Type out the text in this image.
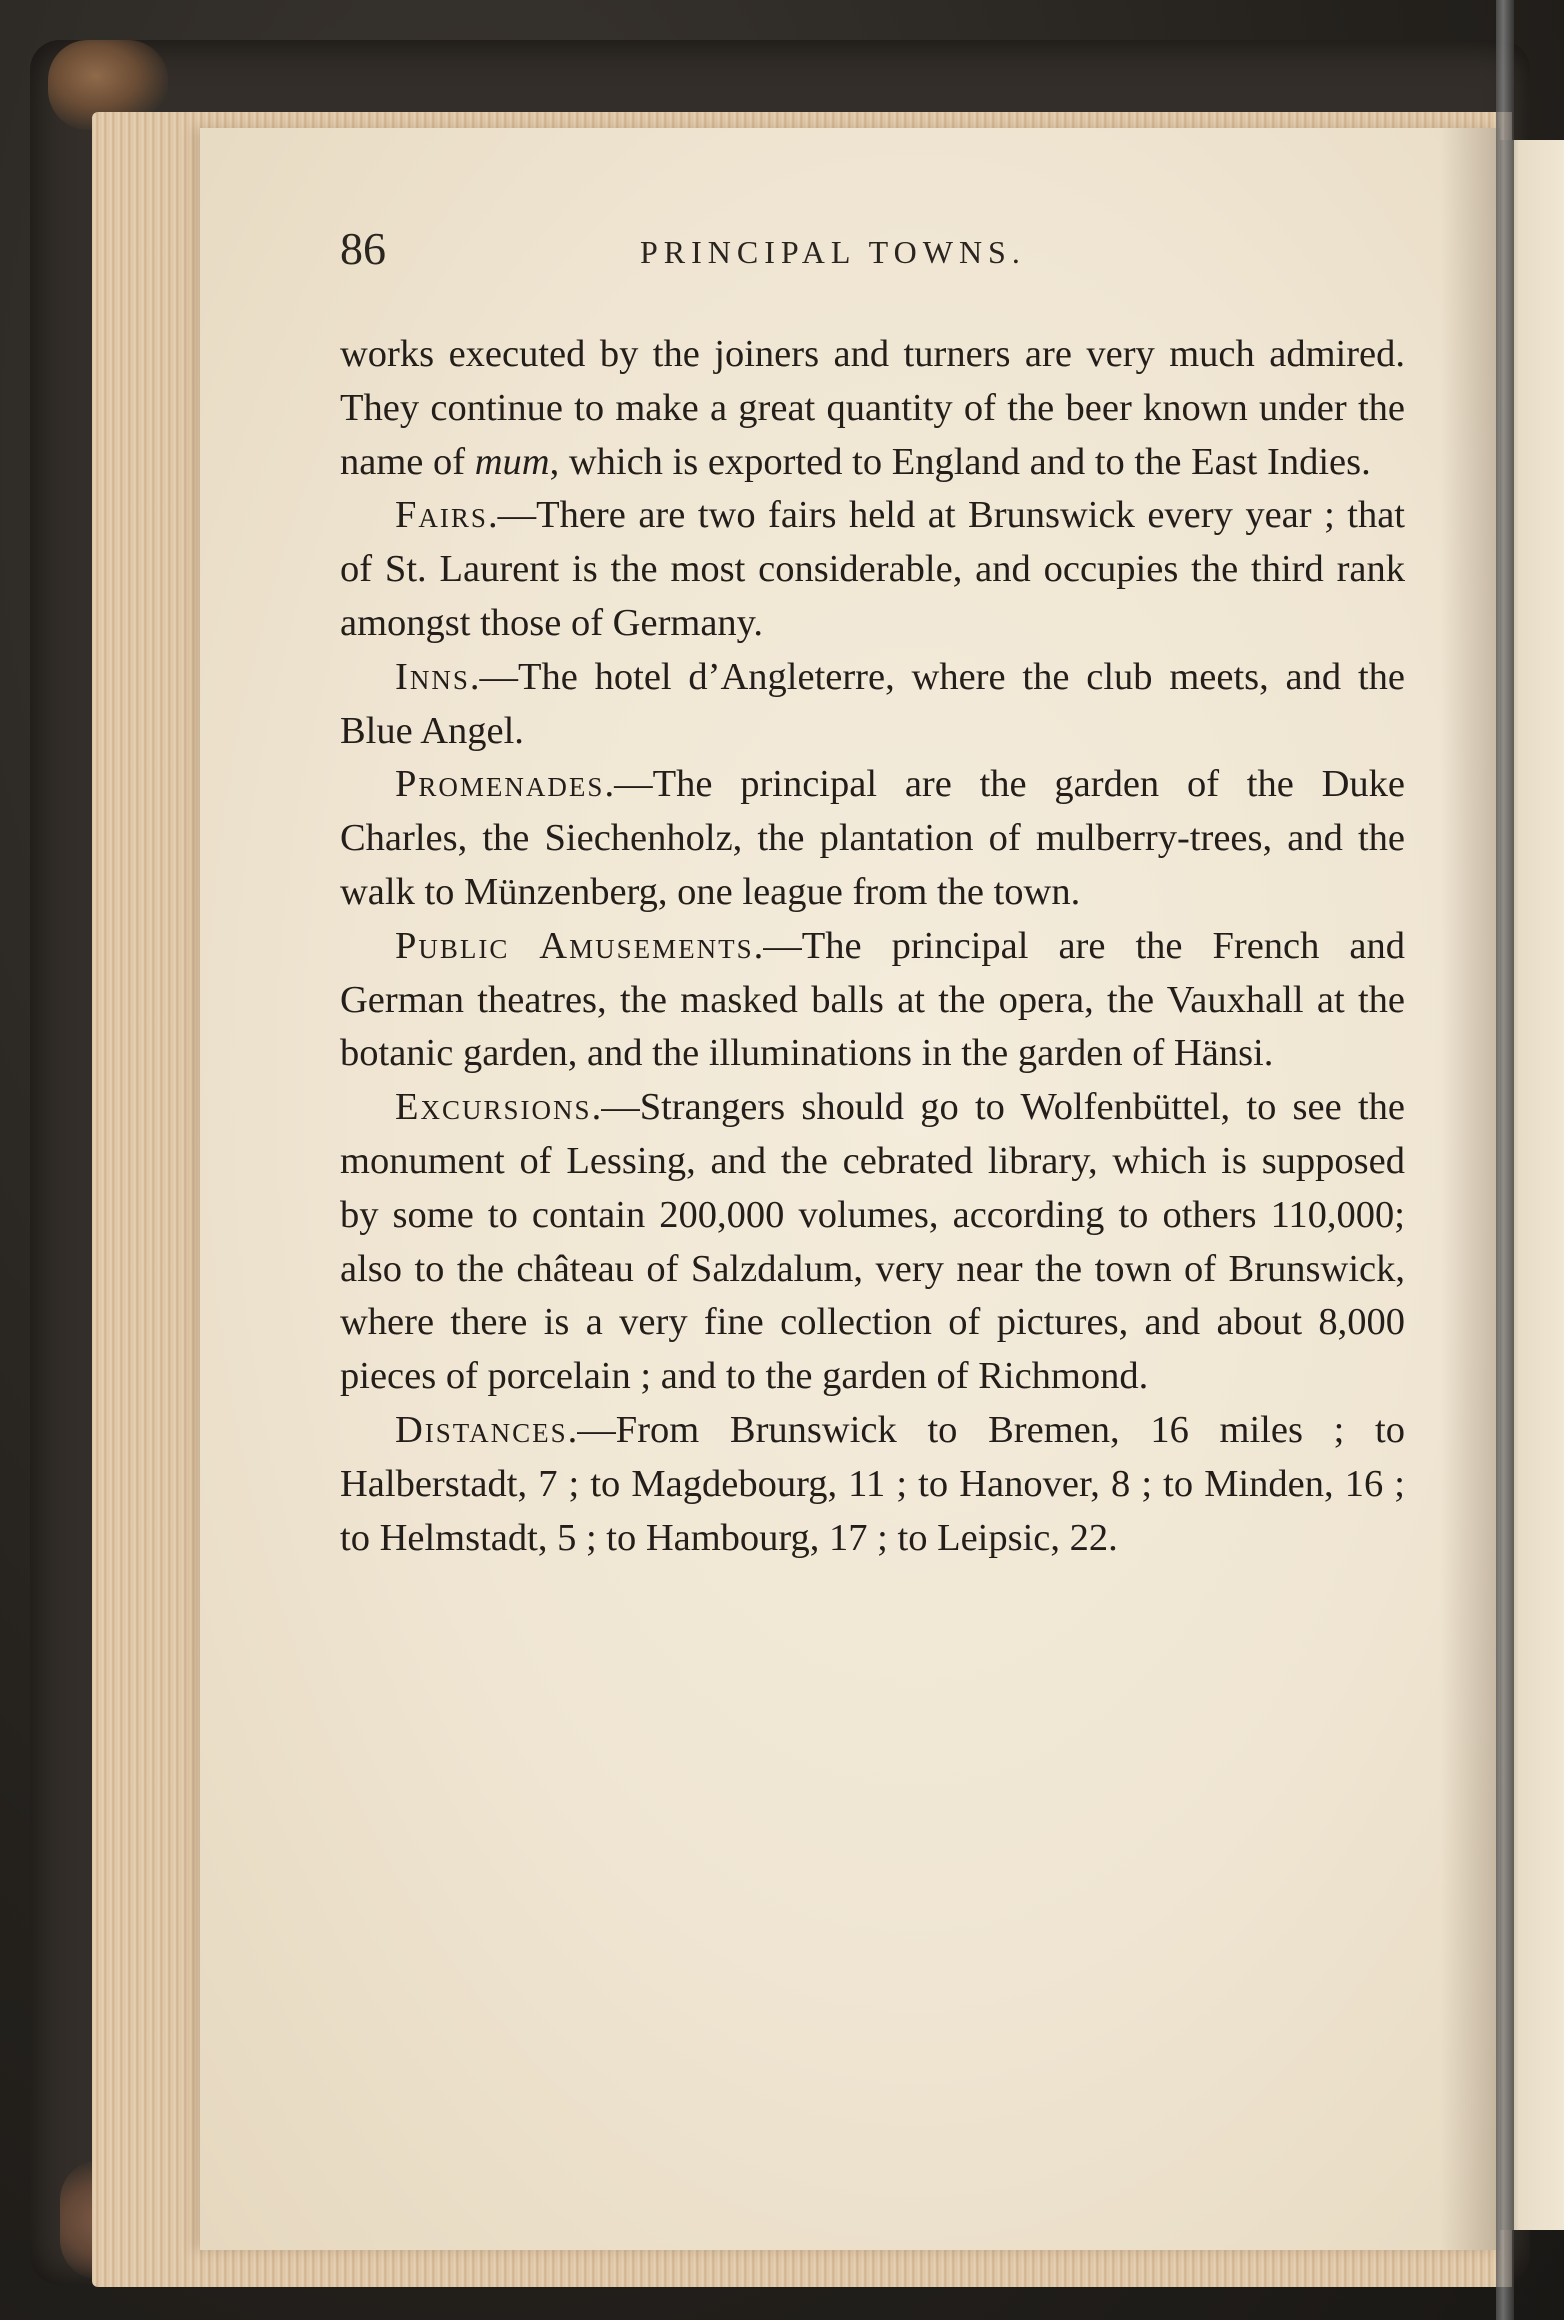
86	PRINCIPAL TOWNS.

works executed by the joiners and turners are very much admired. They continue to make a great quantity of the beer known under the name of mum, which is exported to England and to the East Indies.

Fairs.—There are two fairs held at Brunswick every year ; that of St. Laurent is the most considerable, and occupies the third rank amongst those of Germany.

Inns.—The hotel d’Angleterre, where the club meets, and the Blue Angel.

Promenades.—The principal are the garden of the Duke Charles, the Siechenholz, the plantation of mulberry-trees, and the walk to Münzenberg, one league from the town.

Public Amusements.—The principal are the French and German theatres, the masked balls at the opera, the Vauxhall at the botanic garden, and the illuminations in the garden of Hänsi.

Excursions.—Strangers should go to Wolfenbüttel, to see the monument of Lessing, and the cebrated library, which is supposed by some to contain 200,000 volumes, according to others 110,000; also to the château of Salzdalum, very near the town of Brunswick, where there is a very fine collection of pictures, and about 8,000 pieces of porcelain ; and to the garden of Richmond.

Distances.—From Brunswick to Bremen, 16 miles ; to Halberstadt, 7 ; to Magdebourg, 11 ; to Hanover, 8 ; to Minden, 16 ; to Helmstadt, 5 ; to Hambourg, 17 ; to Leipsic, 22.
